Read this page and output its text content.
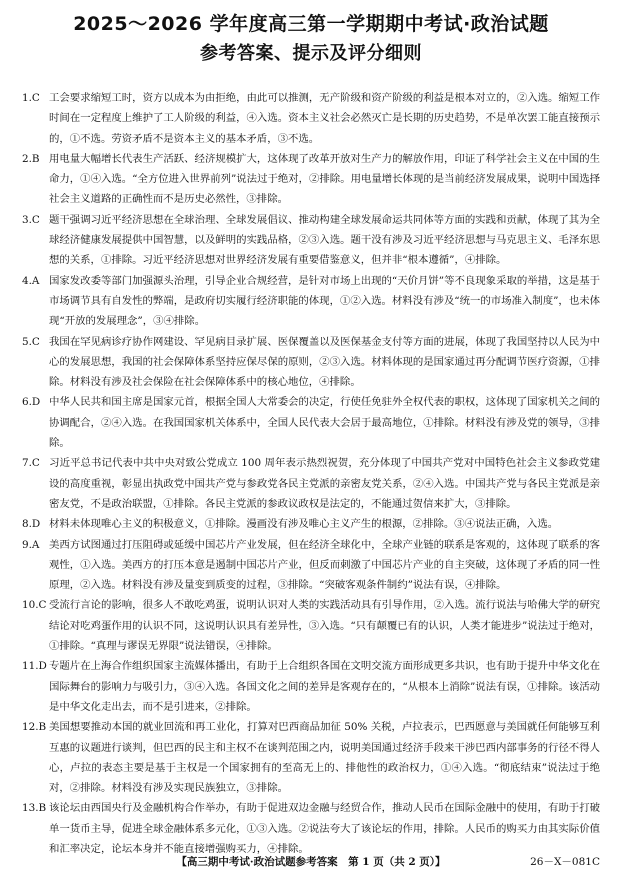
2025～2026 学年度高三第一学期期中考试·政治试题
参考答案、提示及评分细则

1.C 工会要求缩短工时，资方以成本为由拒绝，由此可以推测，无产阶级和资产阶级的利益是根本对立的，②入选。缩短工作时间在一定程度上维护了工人阶级的利益，④入选。资本主义社会必然灭亡是长期的历史趋势，不是单次罢工能直接预示的，①不选。劳资矛盾不是资本主义的基本矛盾，③不选。

2.B 用电量大幅增长代表生产活跃、经济规模扩大，这体现了改革开放对生产力的解放作用，印证了科学社会主义在中国的生命力，①④入选。“全方位进入世界前列”说法过于绝对，②排除。用电量增长体现的是当前经济发展成果，说明中国选择社会主义道路的正确性而不是历史必然性，③排除。

3.C 题干强调习近平经济思想在全球治理、全球发展倡议、推动构建全球发展命运共同体等方面的实践和贡献，体现了其为全球经济健康发展提供中国智慧，以及鲜明的实践品格，②③入选。题干没有涉及习近平经济思想与马克思主义、毛泽东思想的关系，①排除。习近平经济思想对世界经济发展有重要借鉴意义，但并非“根本遵循”，④排除。

4.A 国家发改委等部门加强源头治理，引导企业合规经营，是针对市场上出现的“天价月饼”等不良现象采取的举措，这是基于市场调节具有自发性的弊端，是政府切实履行经济职能的体现，①②入选。材料没有涉及“统一的市场准入制度”，也未体现“开放的发展理念”，③④排除。

5.C 我国在罕见病诊疗协作网建设、罕见病目录扩展、医保覆盖以及医保基金支付等方面的进展，体现了我国坚持以人民为中心的发展思想，我国的社会保障体系坚持应保尽保的原则，②③入选。材料体现的是国家通过再分配调节医疗资源，①排除。材料没有涉及社会保险在社会保障体系中的核心地位，④排除。

6.D 中华人民共和国主席是国家元首，根据全国人大常委会的决定，行使任免驻外全权代表的职权，这体现了国家机关之间的协调配合，②④入选。在我国国家机关体系中，全国人民代表大会居于最高地位，①排除。材料没有涉及党的领导，③排除。

7.C 习近平总书记代表中共中央对致公党成立 100 周年表示热烈祝贺，充分体现了中国共产党对中国特色社会主义参政党建设的高度重视，彰显出执政党中国共产党与参政党各民主党派的亲密友党关系，②④入选。中国共产党与各民主党派是亲密友党，不是政治联盟，①排除。各民主党派的参政议政权是法定的，不能通过贺信来扩大，③排除。

8.D 材料未体现唯心主义的积极意义，①排除。漫画没有涉及唯心主义产生的根源，②排除。③④说法正确，入选。

9.A 美西方试图通过打压阻碍或延缓中国芯片产业发展，但在经济全球化中，全球产业链的联系是客观的，这体现了联系的客观性，①入选。美西方的打压本意是遏制中国芯片产业，但反而刺激了中国芯片产业的自主突破，这体现了矛盾的同一性原理，②入选。材料没有涉及量变到质变的过程，③排除。“突破客观条件制约”说法有误，④排除。

10.C 受流行言论的影响，很多人不敢吃鸡蛋，说明认识对人类的实践活动具有引导作用，②入选。流行说法与哈佛大学的研究结论对吃鸡蛋作用的认识不同，这说明认识具有差异性，③入选。“只有颠覆已有的认识，人类才能进步”说法过于绝对，①排除。“真理与谬误无界限”说法错误，④排除。

11.D 专题片在上海合作组织国家主流媒体播出，有助于上合组织各国在文明交流方面形成更多共识，也有助于提升中华文化在国际舞台的影响力与吸引力，③④入选。各国文化之间的差异是客观存在的，“从根本上消除”说法有误，①排除。该活动是中华文化走出去，而不是引进来，②排除。

12.B 美国想要推动本国的就业回流和再工业化，打算对巴西商品加征 50% 关税，卢拉表示，巴西愿意与美国就任何能够互利互惠的议题进行谈判，但巴西的民主和主权不在谈判范围之内，说明美国通过经济手段来干涉巴西内部事务的行径不得人心，卢拉的表态主要是基于主权是一个国家拥有的至高无上的、排他性的政治权力，①④入选。“彻底结束”说法过于绝对，②排除。材料没有涉及实现民族独立，③排除。

13.B 该论坛由西国央行及金融机构合作举办，有助于促进双边金融与经贸合作，推动人民币在国际金融中的使用，有助于打破单一货币主导，促进全球金融体系多元化，①③入选。②说法夸大了该论坛的作用，排除。人民币的购买力由其实际价值和汇率决定，论坛本身并不能直接增强购买力，④排除。

【高三期中考试·政治试题参考答案　第 1 页（共 2 页）】	26－X－081C
